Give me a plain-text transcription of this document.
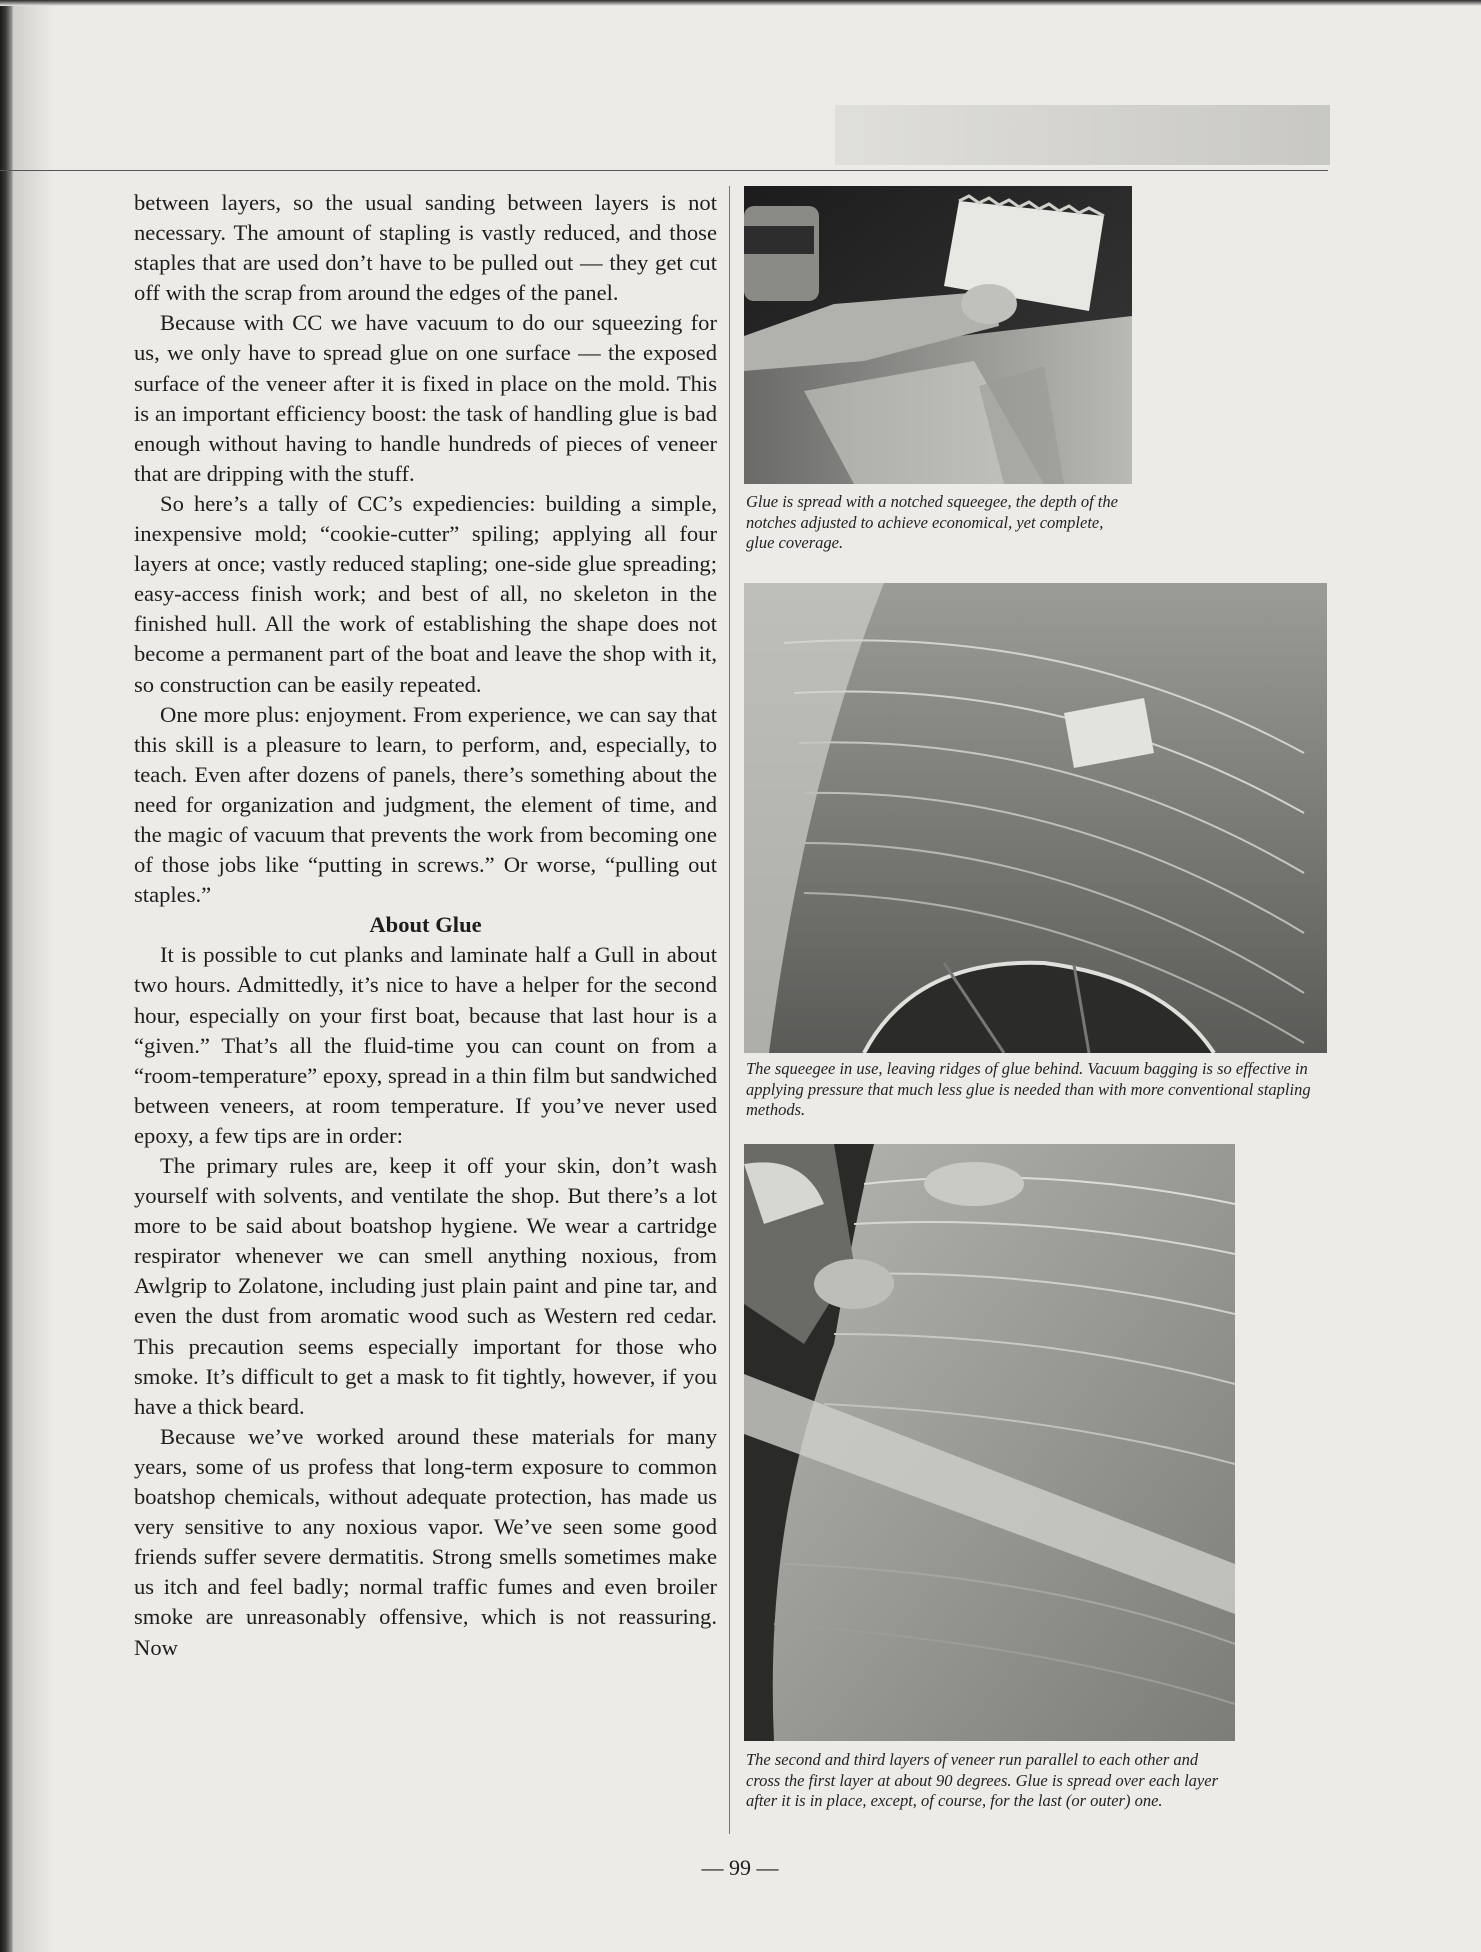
between layers, so the usual sanding between layers is not necessary. The amount of stapling is vastly reduced, and those staples that are used don’t have to be pulled out — they get cut off with the scrap from around the edges of the panel.

Because with CC we have vacuum to do our squeezing for us, we only have to spread glue on one surface — the exposed surface of the veneer after it is fixed in place on the mold. This is an important efficiency boost: the task of handling glue is bad enough without having to handle hundreds of pieces of veneer that are dripping with the stuff.

So here’s a tally of CC’s expediencies: building a simple, inexpensive mold; “cookie-cutter” spiling; applying all four layers at once; vastly reduced stapling; one-side glue spreading; easy-access finish work; and best of all, no skeleton in the finished hull. All the work of establishing the shape does not become a permanent part of the boat and leave the shop with it, so construction can be easily repeated.

One more plus: enjoyment. From experience, we can say that this skill is a pleasure to learn, to perform, and, especially, to teach. Even after dozens of panels, there’s something about the need for organization and judgment, the element of time, and the magic of vacuum that prevents the work from becoming one of those jobs like “putting in screws.” Or worse, “pulling out staples.”

About Glue

It is possible to cut planks and laminate half a Gull in about two hours. Admittedly, it’s nice to have a helper for the second hour, especially on your first boat, because that last hour is a “given.” That’s all the fluid-time you can count on from a “room-temperature” epoxy, spread in a thin film but sandwiched between veneers, at room temperature. If you’ve never used epoxy, a few tips are in order:

The primary rules are, keep it off your skin, don’t wash yourself with solvents, and ventilate the shop. But there’s a lot more to be said about boatshop hygiene. We wear a cartridge respirator whenever we can smell anything noxious, from Awlgrip to Zolatone, including just plain paint and pine tar, and even the dust from aromatic wood such as Western red cedar. This precaution seems especially important for those who smoke. It’s difficult to get a mask to fit tightly, however, if you have a thick beard.

Because we’ve worked around these materials for many years, some of us profess that long-term exposure to common boatshop chemicals, without adequate protection, has made us very sensitive to any noxious vapor. We’ve seen some good friends suffer severe dermatitis. Strong smells sometimes make us itch and feel badly; normal traffic fumes and even broiler smoke are unreasonably offensive, which is not reassuring. Now

Glue is spread with a notched squeegee, the depth of the notches adjusted to achieve economical, yet complete, glue coverage.
The squeegee in use, leaving ridges of glue behind. Vacuum bagging is so effective in applying pressure that much less glue is needed than with more conventional stapling methods.
The second and third layers of veneer run parallel to each other and cross the first layer at about 90 degrees. Glue is spread over each layer after it is in place, except, of course, for the last (or outer) one.
— 99 —
